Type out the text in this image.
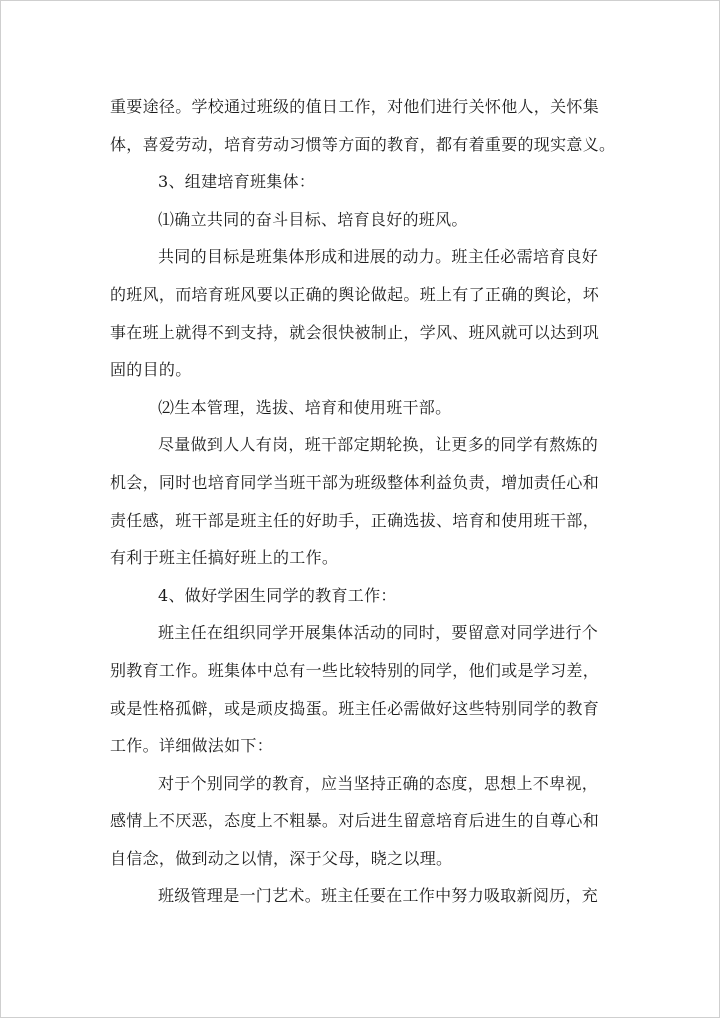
重要途径。学校通过班级的值日工作，对他们进行关怀他人，关怀集
体，喜爱劳动，培育劳动习惯等方面的教育，都有着重要的现实意义。
3、组建培育班集体：
⑴确立共同的奋斗目标、培育良好的班风。
共同的目标是班集体形成和进展的动力。班主任必需培育良好
的班风，而培育班风要以正确的舆论做起。班上有了正确的舆论，坏
事在班上就得不到支持，就会很快被制止，学风、班风就可以达到巩
固的目的。
⑵生本管理，选拔、培育和使用班干部。
尽量做到人人有岗，班干部定期轮换，让更多的同学有熬炼的
机会，同时也培育同学当班干部为班级整体利益负责，增加责任心和
责任感，班干部是班主任的好助手，正确选拔、培育和使用班干部，
有利于班主任搞好班上的工作。
4、做好学困生同学的教育工作：
班主任在组织同学开展集体活动的同时，要留意对同学进行个
别教育工作。班集体中总有一些比较特别的同学，他们或是学习差，
或是性格孤僻，或是顽皮捣蛋。班主任必需做好这些特别同学的教育
工作。详细做法如下：
对于个别同学的教育，应当坚持正确的态度，思想上不卑视，
感情上不厌恶，态度上不粗暴。对后进生留意培育后进生的自尊心和
自信念，做到动之以情，深于父母，晓之以理。
班级管理是一门艺术。班主任要在工作中努力吸取新阅历，充
